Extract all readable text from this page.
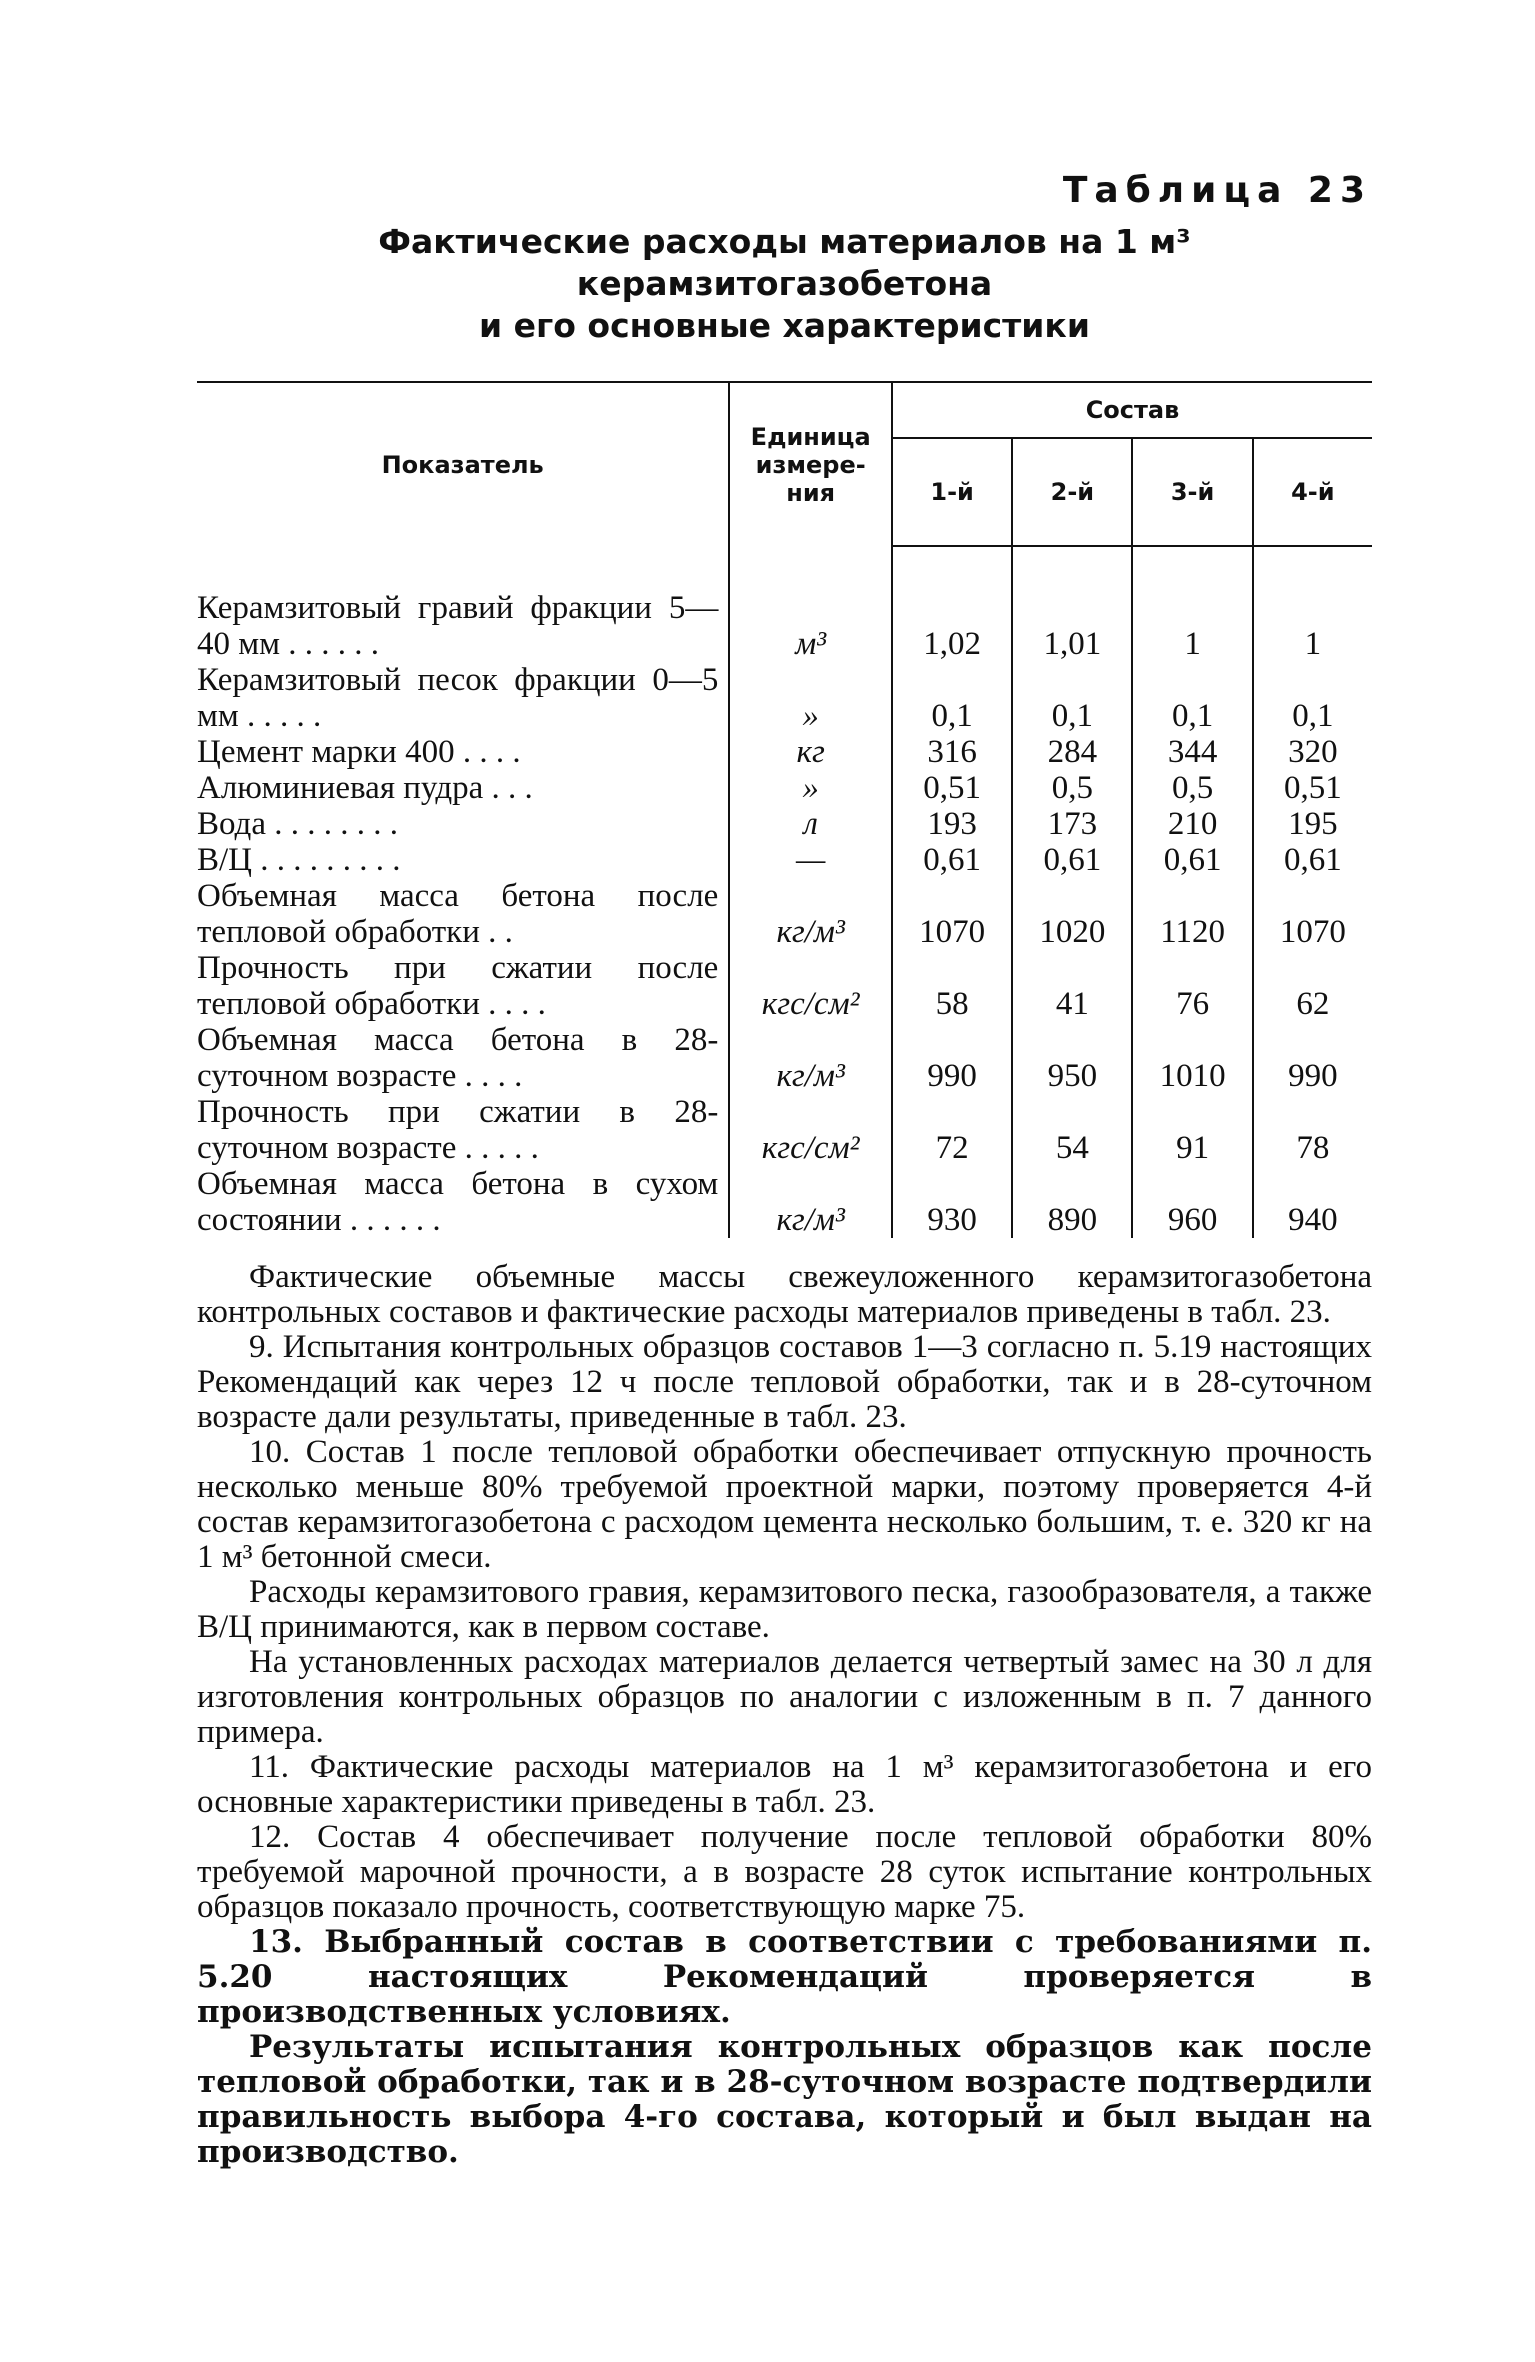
Таблица 23
Фактические расходы материалов на 1 м³ керамзитогазобетона
и его основные характеристики
Показатель	Единица измере-ния	Состав			
		1-й	2-й	3-й	4-й

Керамзитовый гравий фракции 5—40 мм . . . . . .	м³	1,02	1,01	1	1

Керамзитовый песок фракции 0—5 мм . . . . .	»	0,1	0,1	0,1	0,1

Цемент марки 400 . . . .	кг	316	284	344	320

Алюминиевая пудра . . .	»	0,51	0,5	0,5	0,51

Вода . . . . . . . .	л	193	173	210	195

В/Ц . . . . . . . . .	—	0,61	0,61	0,61	0,61

Объемная масса бетона после тепловой обработки . .	кг/м³	1070	1020	1120	1070

Прочность при сжатии после тепловой обработки . . . .	кгс/см²	58	41	76	62

Объемная масса бетона в 28-суточном возрасте . . . .	кг/м³	990	950	1010	990

Прочность при сжатии в 28-суточном возрасте . . . . .	кгс/см²	72	54	91	78

Объемная масса бетона в сухом состоянии . . . . . .	кг/м³	930	890	960	940

Фактические объемные массы свежеуложенного керамзитогазобетона контрольных составов и фактические расходы материалов приведены в табл. 23.

9. Испытания контрольных образцов составов 1—3 согласно п. 5.19 настоящих Рекомендаций как через 12 ч после тепловой обработки, так и в 28-суточном возрасте дали результаты, приведенные в табл. 23.

10. Состав 1 после тепловой обработки обеспечивает отпускную прочность несколько меньше 80% требуемой проектной марки, поэтому проверяется 4-й состав керамзитогазобетона с расходом цемента несколько большим, т. е. 320 кг на 1 м³ бетонной смеси.

Расходы керамзитового гравия, керамзитового песка, газообразователя, а также В/Ц принимаются, как в первом составе.

На установленных расходах материалов делается четвертый замес на 30 л для изготовления контрольных образцов по аналогии с изложенным в п. 7 данного примера.

11. Фактические расходы материалов на 1 м³ керамзитогазобетона и его основные характеристики приведены в табл. 23.

12. Состав 4 обеспечивает получение после тепловой обработки 80% требуемой марочной прочности, а в возрасте 28 суток испытание контрольных образцов показало прочность, соответствующую марке 75.

13. Выбранный состав в соответствии с требованиями п. 5.20 настоящих Рекомендаций проверяется в производственных условиях.

Результаты испытания контрольных образцов как после тепловой обработки, так и в 28-суточном возрасте подтвердили правильность выбора 4-го состава, который и был выдан на производство.
